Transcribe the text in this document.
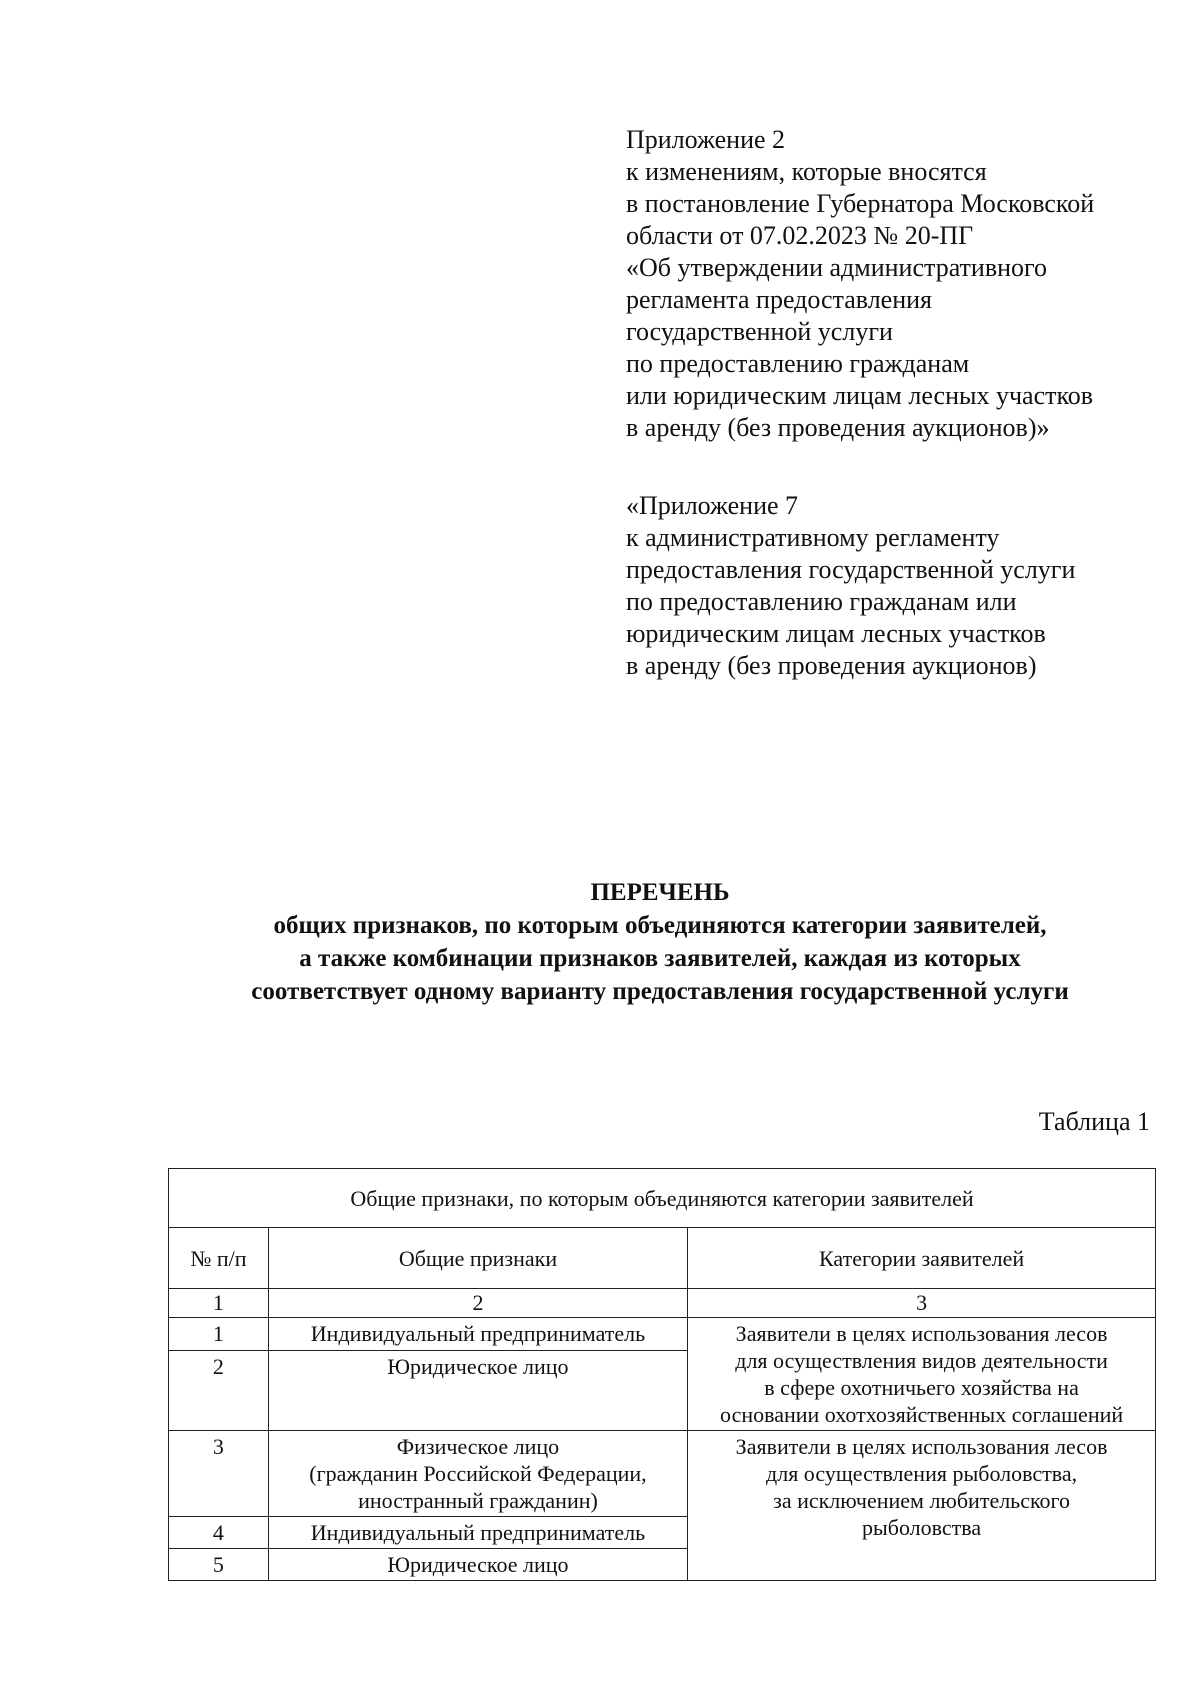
Приложение 2
к изменениям, которые вносятся
в постановление Губернатора Московской
области от 07.02.2023 № 20-ПГ
«Об утверждении административного
регламента предоставления
государственной услуги
по предоставлению гражданам
или юридическим лицам лесных участков
в аренду (без проведения аукционов)»
«Приложение 7
к административному регламенту
предоставления государственной услуги
по предоставлению гражданам или
юридическим лицам лесных участков
в аренду (без проведения аукционов)
ПЕРЕЧЕНЬ
общих признаков, по которым объединяются категории заявителей,
а также комбинации признаков заявителей, каждая из которых
соответствует одному варианту предоставления государственной услуги
Таблица 1
Общие признаки, по которым объединяются категории заявителей		
№ п/п	Общие признаки	Категории заявителей
1	2	3
1	Индивидуальный предприниматель	Заявители в целях использования лесов
для осуществления видов деятельности
в сфере охотничьего хозяйства на
основании охотхозяйственных соглашений

2	Юридическое лицо	
3	Физическое лицо
(гражданин Российской Федерации,
иностранный гражданин)	Заявители в целях использования лесов
для осуществления рыболовства,
за исключением любительского
рыболовства

4	Индивидуальный предприниматель	
5	Юридическое лицо	
